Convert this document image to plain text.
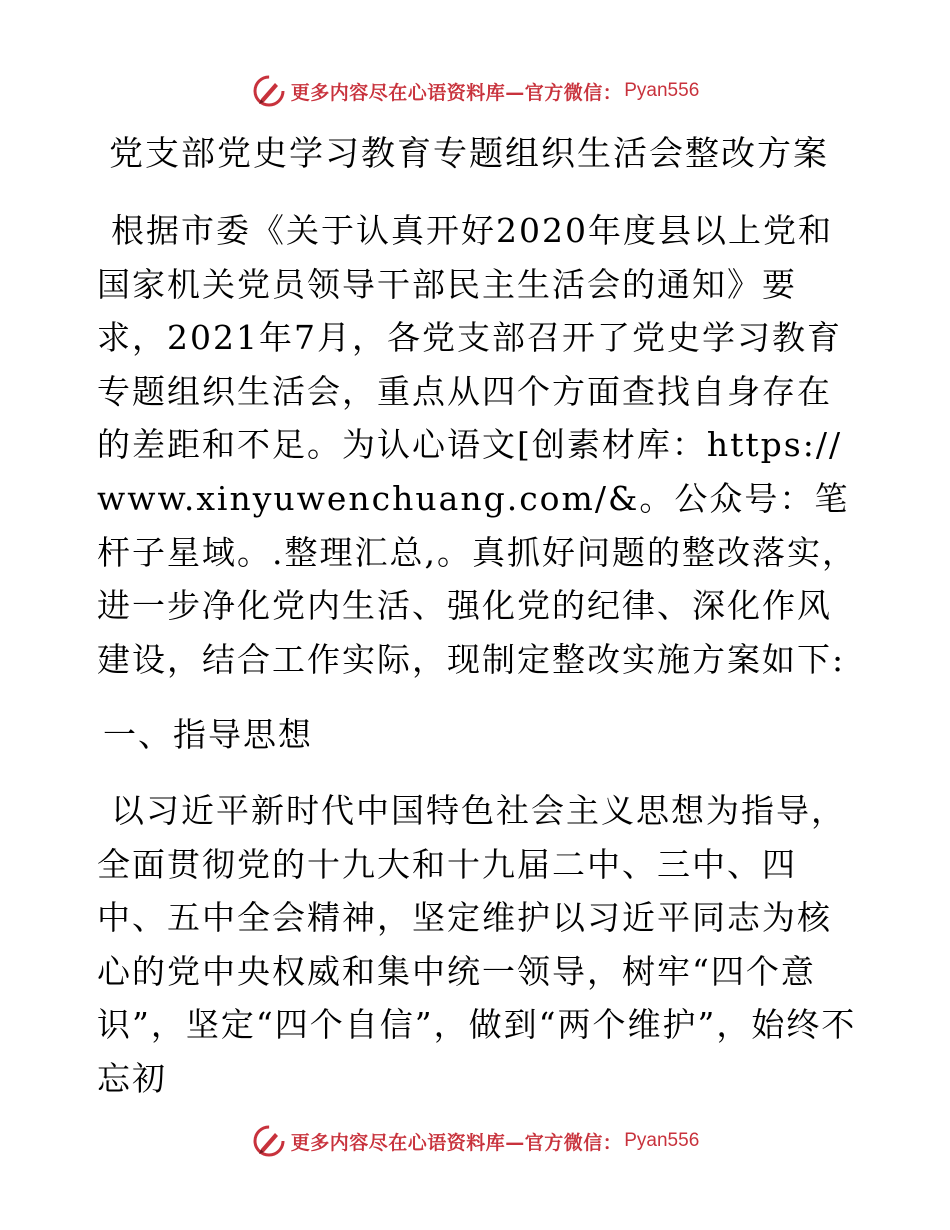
更多内容尽在心语资料库—官方微信： Pyan556
党支部党史学习教育专题组织生活会整改方案
根据市委《关于认真开好2020年度县以上党和国家机关党员领导干部民主生活会的通知》要求，2021年7月，各党支部召开了党史学习教育专题组织生活会，重点从四个方面查找自身存在的差距和不足。为认心语文[创素材库：https://www.xinyuwenchuang.com/&。公众号：笔杆子星域。.整理汇总,。真抓好问题的整改落实，进一步净化党内生活、强化党的纪律、深化作风建设，结合工作实际，现制定整改实施方案如下:
一、指导思想
以习近平新时代中国特色社会主义思想为指导，全面贯彻党的十九大和十九届二中、三中、四中、五中全会精神，坚定维护以习近平同志为核心的党中央权威和集中统一领导，树牢“四个意识”，坚定“四个自信”，做到“两个维护”，始终不忘初
更多内容尽在心语资料库—官方微信： Pyan556
